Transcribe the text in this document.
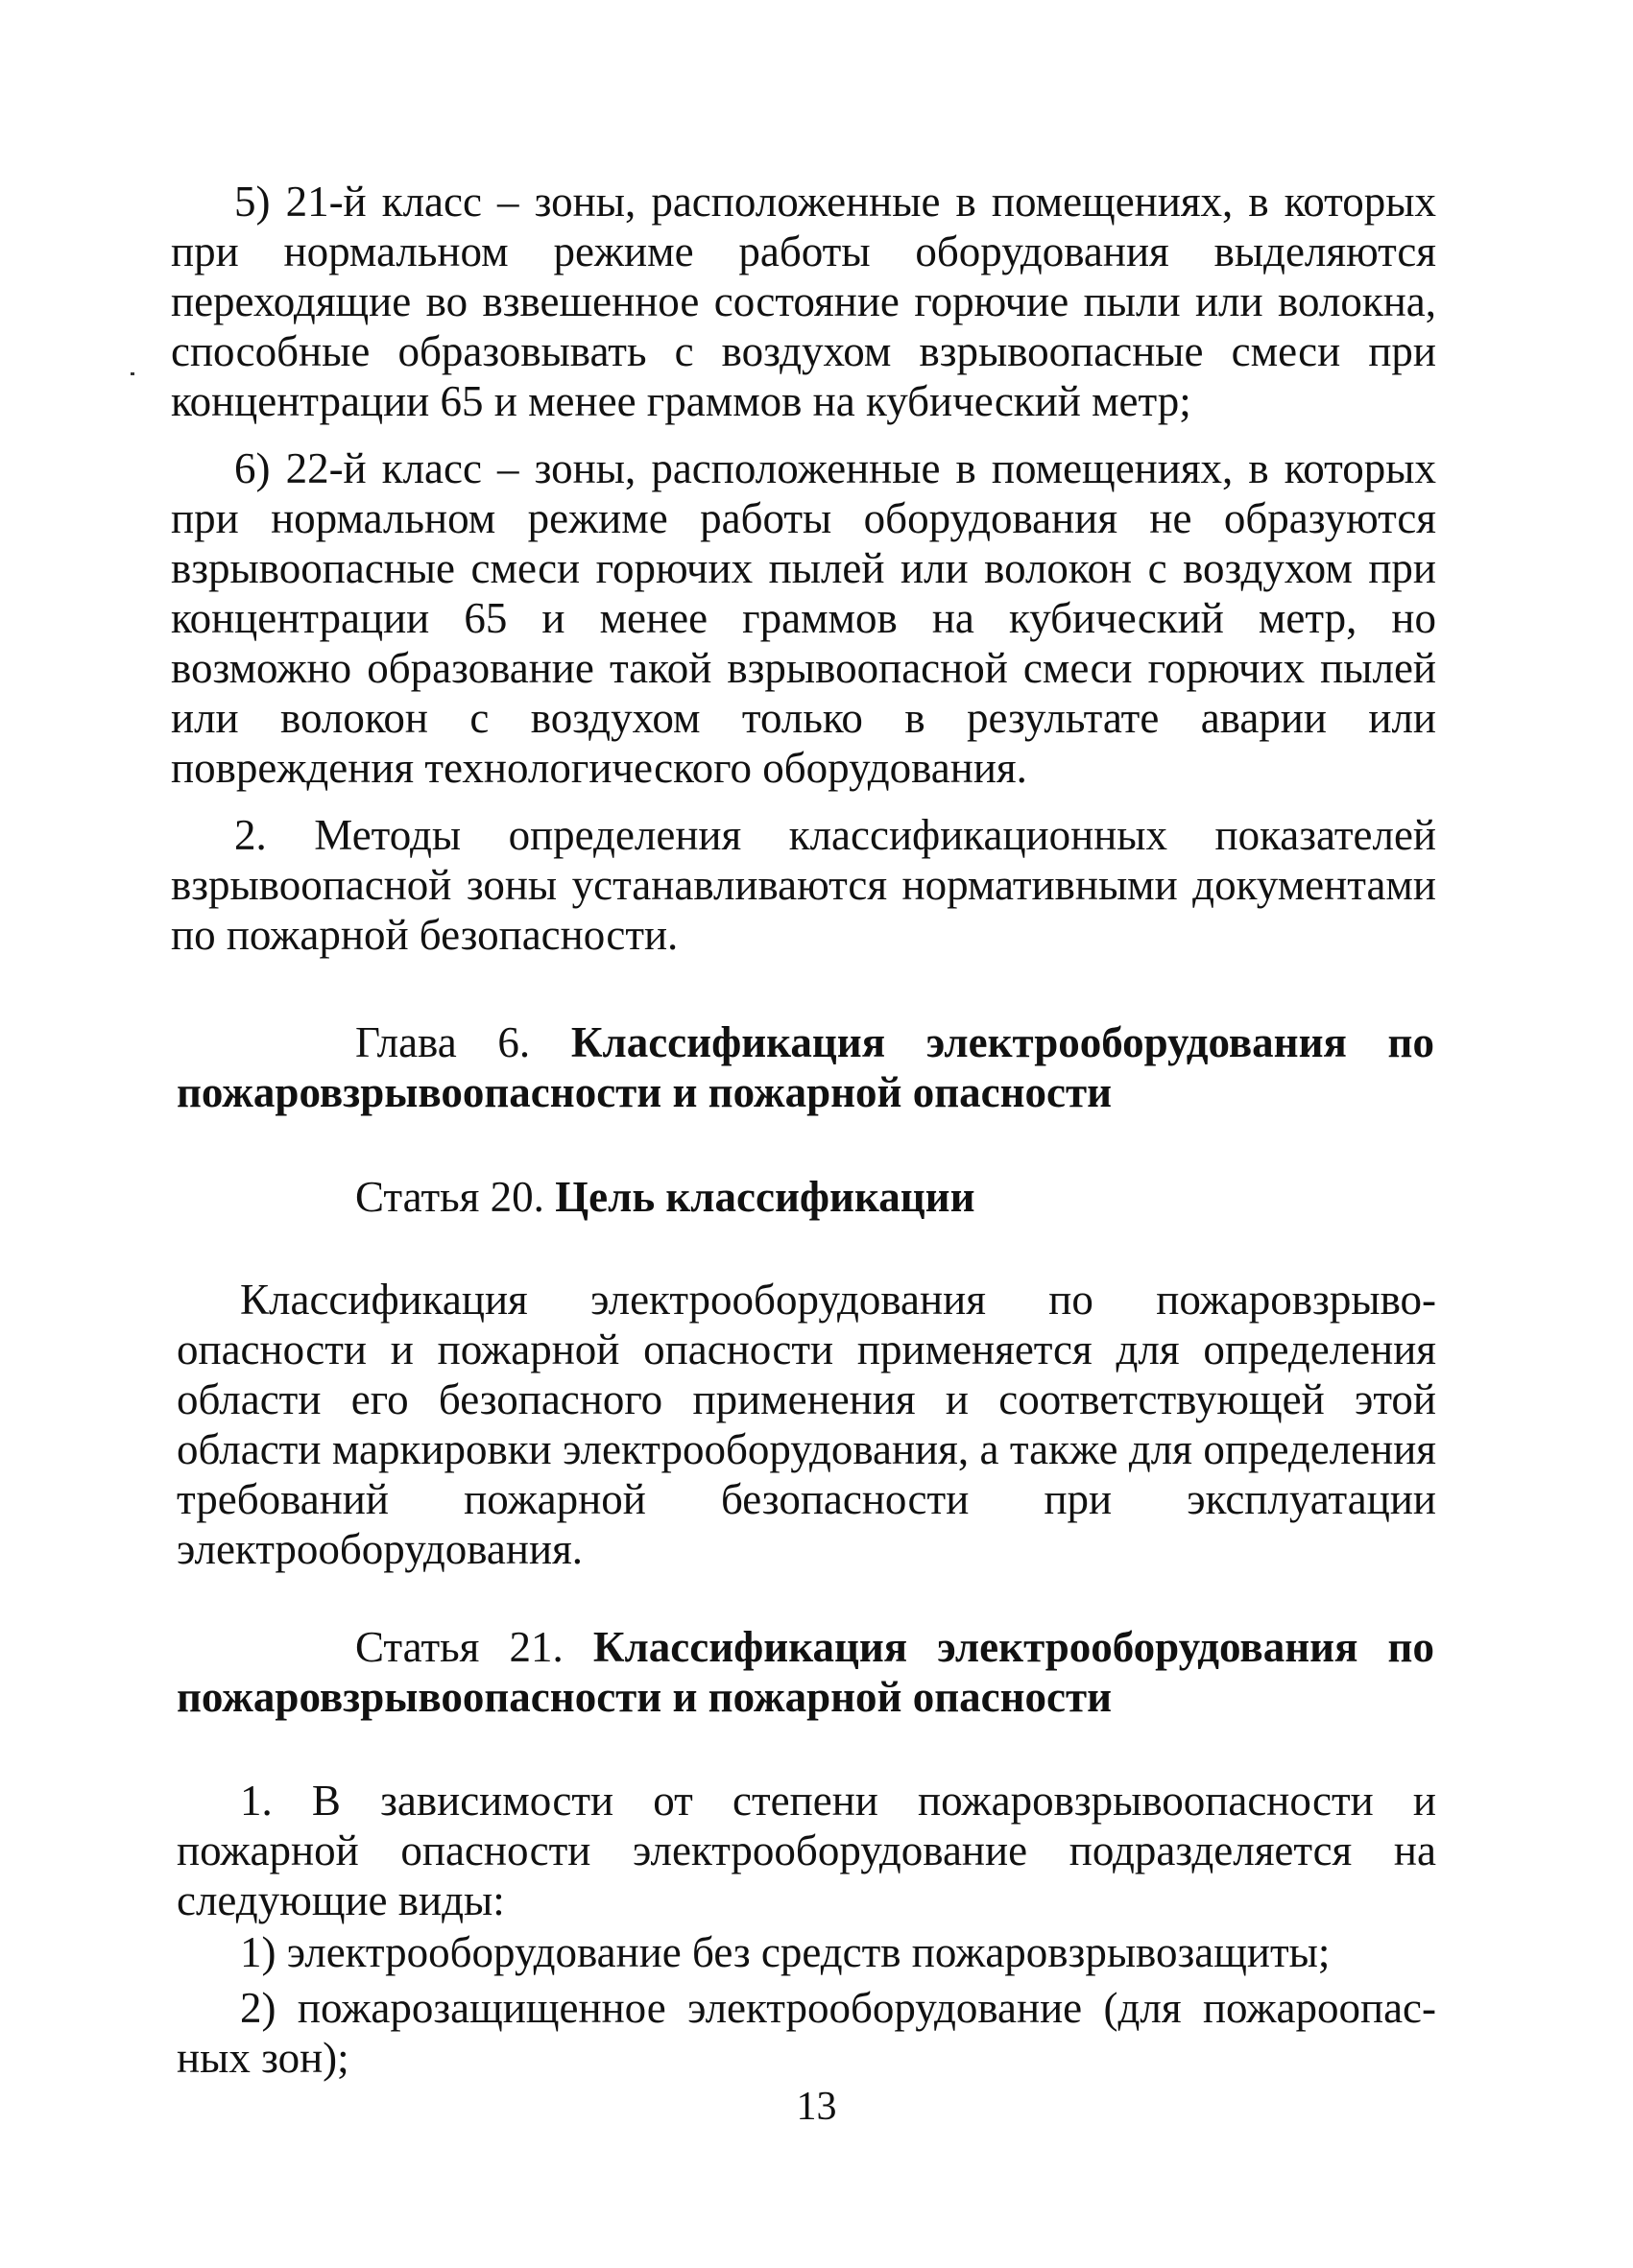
5) 21-й класс – зоны, расположенные в помещениях, в которых при нормальном режиме работы оборудования выделяются переходящие во взвешенное состояние горючие пыли или волокна, способные образовывать с воздухом взрывоопасные смеси при концентрации 65 и менее граммов на кубический метр;

6) 22-й класс – зоны, расположенные в помещениях, в которых при нормальном режиме работы оборудования не образуются взрывоопасные смеси горючих пылей или волокон с воздухом при концентрации 65 и менее граммов на кубический метр, но возможно образование такой взрывоопасной смеси горючих пылей или волокон с воздухом только в результате аварии или повреждения технологического оборудования.

2. Методы определения классификационных показателей взрывоопасной зоны устанавливаются нормативными документами по пожарной безопасности.

Глава 6. Классификация электрооборудования по пожаровзрывоопасности и пожарной опасности

Статья 20. Цель классификации

Классификация электрооборудования по пожаровзрыво-опасности и пожарной опасности применяется для определения области его безопасного применения и соответствующей этой области маркировки электрооборудования, а также для определения требований пожарной безопасности при эксплуатации электрооборудования.

Статья 21. Классификация электрооборудования по пожаровзрывоопасности и пожарной опасности

1. В зависимости от степени пожаровзрывоопасности и пожарной опасности электрооборудование подразделяется на следующие виды:

1) электрооборудование без средств пожаровзрывозащиты;

2) пожарозащищенное электрооборудование (для пожароопас-ных зон);

13
